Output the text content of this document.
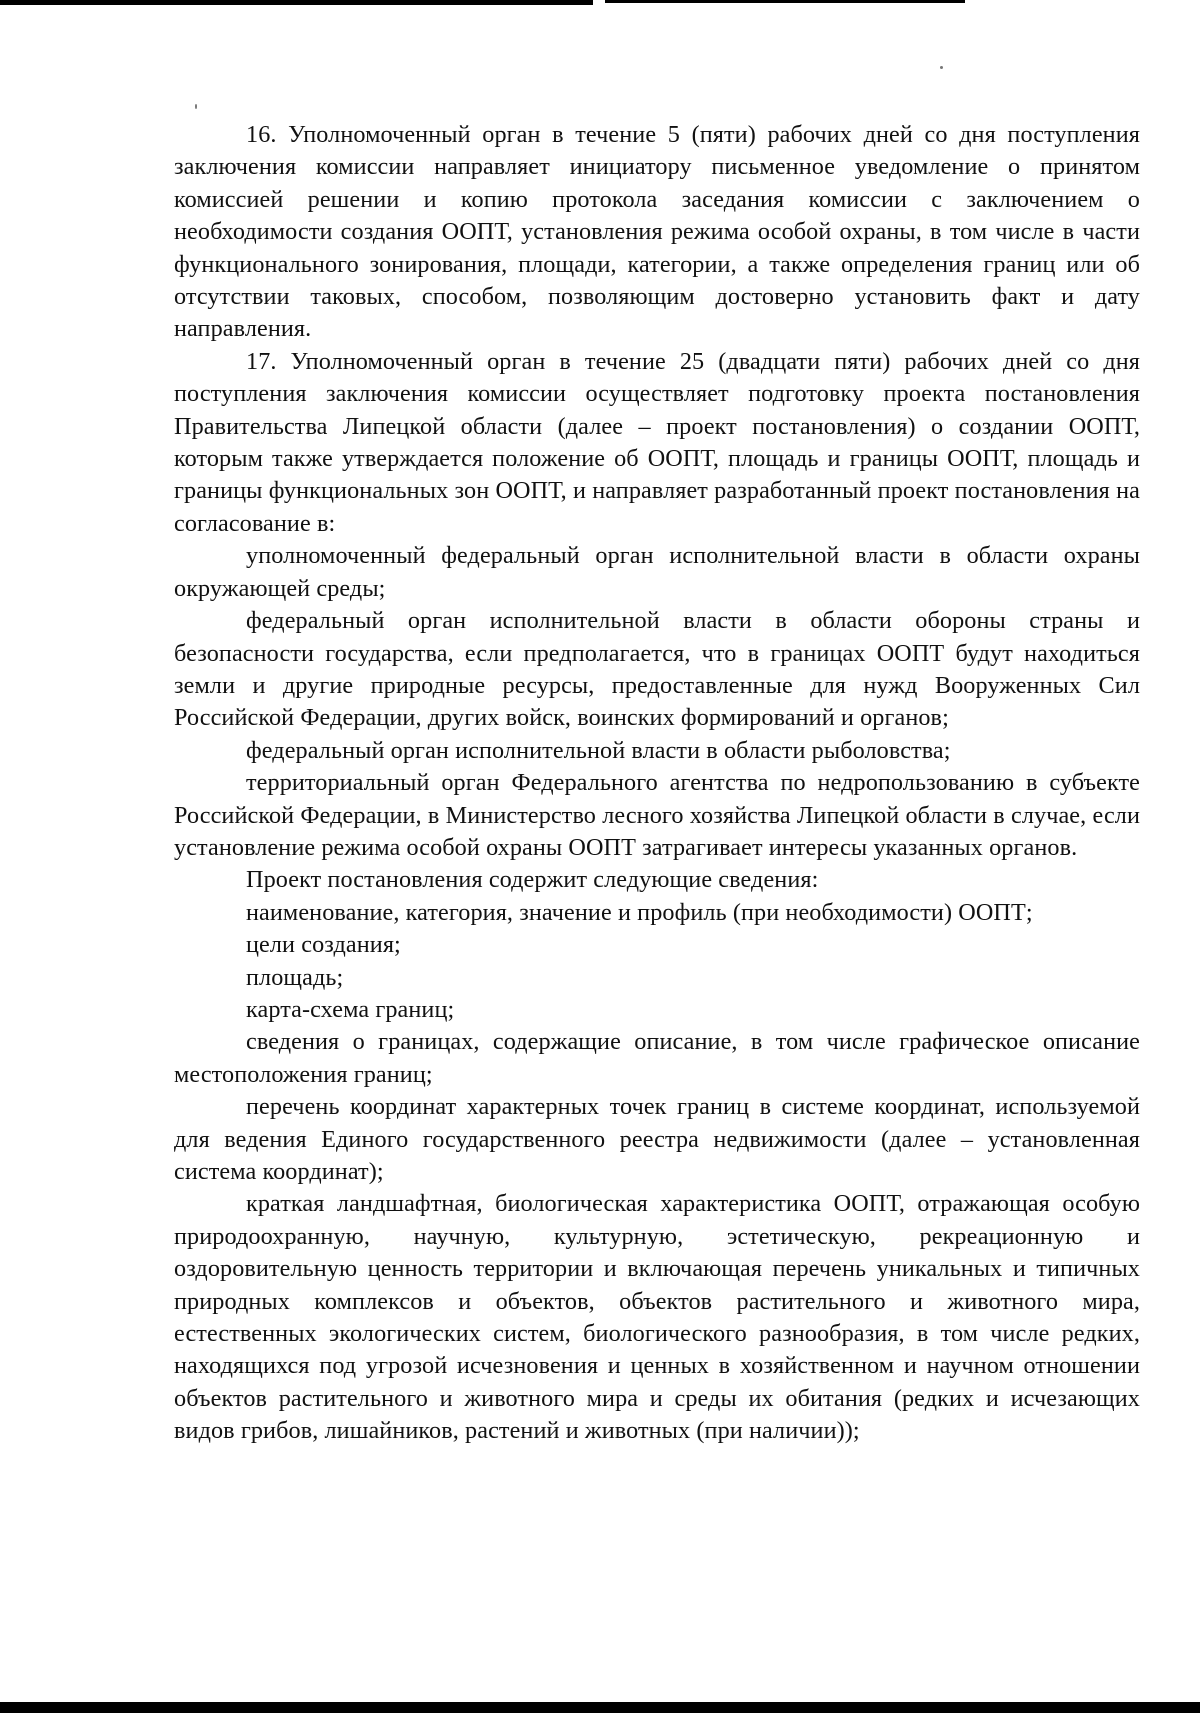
16. Уполномоченный орган в течение 5 (пяти) рабочих дней со дня поступления заключения комиссии направляет инициатору письменное уведомление о принятом комиссией решении и копию протокола заседания комиссии с заключением о необходимости создания ООПТ, установления режима особой охраны, в том числе в части функционального зонирования, площади, категории, а также определения границ или об отсутствии таковых, способом, позволяющим достоверно установить факт и дату направления.

17. Уполномоченный орган в течение 25 (двадцати пяти) рабочих дней со дня поступления заключения комиссии осуществляет подготовку проекта постановления Правительства Липецкой области (далее – проект постановления) о создании ООПТ, которым также утверждается положение об ООПТ, площадь и границы ООПТ, площадь и границы функциональных зон ООПТ, и направляет разработанный проект постановления на согласование в:

уполномоченный федеральный орган исполнительной власти в области охраны окружающей среды;

федеральный орган исполнительной власти в области обороны страны и безопасности государства, если предполагается, что в границах ООПТ будут находиться земли и другие природные ресурсы, предоставленные для нужд Вооруженных Сил Российской Федерации, других войск, воинских формирований и органов;

федеральный орган исполнительной власти в области рыболовства;

территориальный орган Федерального агентства по недропользованию в субъекте Российской Федерации, в Министерство лесного хозяйства Липецкой области в случае, если установление режима особой охраны ООПТ затрагивает интересы указанных органов.

Проект постановления содержит следующие сведения:

наименование, категория, значение и профиль (при необходимости) ООПТ;

цели создания;

площадь;

карта-схема границ;

сведения о границах, содержащие описание, в том числе графическое описание местоположения границ;

перечень координат характерных точек границ в системе координат, используемой для ведения Единого государственного реестра недвижимости (далее – установленная система координат);

краткая ландшафтная, биологическая характеристика ООПТ, отражающая особую природоохранную, научную, культурную, эстетическую, рекреационную и оздоровительную ценность территории и включающая перечень уникальных и типичных природных комплексов и объектов, объектов растительного и животного мира, естественных экологических систем, биологического разнообразия, в том числе редких, находящихся под угрозой исчезновения и ценных в хозяйственном и научном отношении объектов растительного и животного мира и среды их обитания (редких и исчезающих видов грибов, лишайников, растений и животных (при наличии));
